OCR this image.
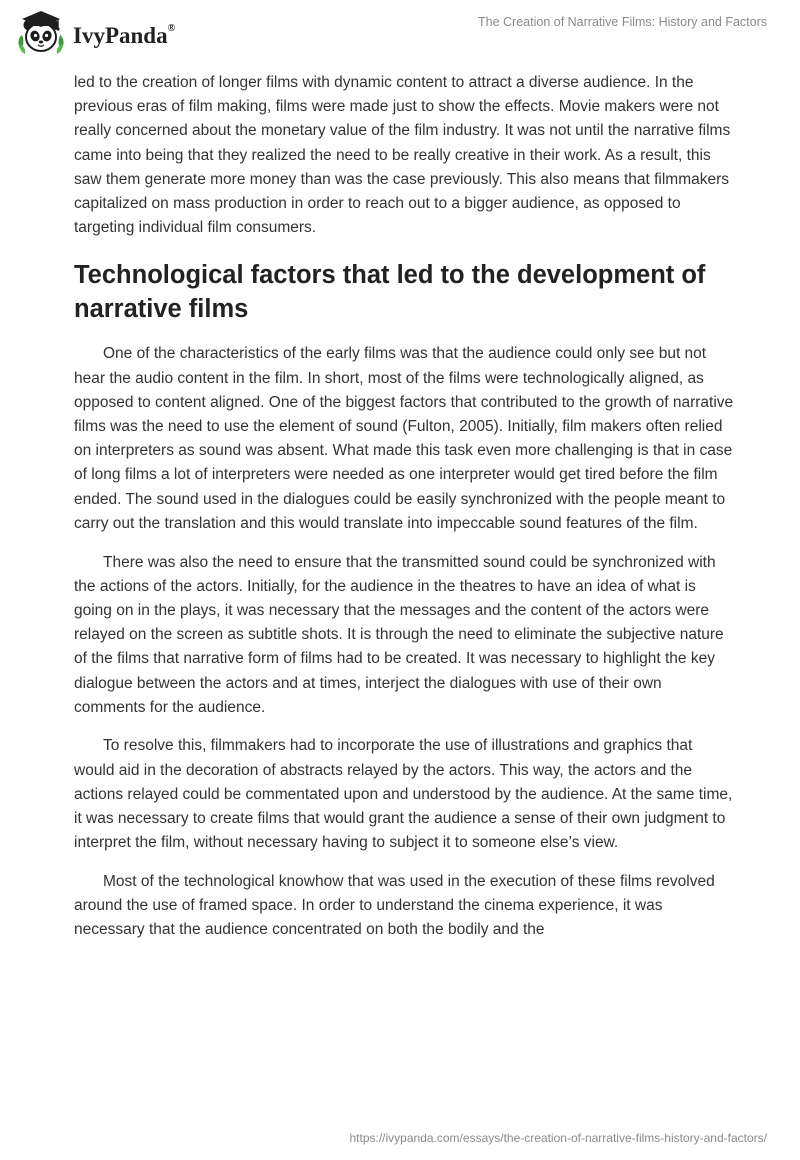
IvyPanda®	The Creation of Narrative Films: History and Factors

led to the creation of longer films with dynamic content to attract a diverse audience. In the previous eras of film making, films were made just to show the effects. Movie makers were not really concerned about the monetary value of the film industry. It was not until the narrative films came into being that they realized the need to be really creative in their work. As a result, this saw them generate more money than was the case previously. This also means that filmmakers capitalized on mass production in order to reach out to a bigger audience, as opposed to targeting individual film consumers.

Technological factors that led to the development of narrative films

One of the characteristics of the early films was that the audience could only see but not hear the audio content in the film. In short, most of the films were technologically aligned, as opposed to content aligned. One of the biggest factors that contributed to the growth of narrative films was the need to use the element of sound (Fulton, 2005). Initially, film makers often relied on interpreters as sound was absent. What made this task even more challenging is that in case of long films a lot of interpreters were needed as one interpreter would get tired before the film ended. The sound used in the dialogues could be easily synchronized with the people meant to carry out the translation and this would translate into impeccable sound features of the film.

There was also the need to ensure that the transmitted sound could be synchronized with the actions of the actors. Initially, for the audience in the theatres to have an idea of what is going on in the plays, it was necessary that the messages and the content of the actors were relayed on the screen as subtitle shots. It is through the need to eliminate the subjective nature of the films that narrative form of films had to be created. It was necessary to highlight the key dialogue between the actors and at times, interject the dialogues with use of their own comments for the audience.

To resolve this, filmmakers had to incorporate the use of illustrations and graphics that would aid in the decoration of abstracts relayed by the actors. This way, the actors and the actions relayed could be commentated upon and understood by the audience. At the same time, it was necessary to create films that would grant the audience a sense of their own judgment to interpret the film, without necessary having to subject it to someone else’s view.

Most of the technological knowhow that was used in the execution of these films revolved around the use of framed space. In order to understand the cinema experience, it was necessary that the audience concentrated on both the bodily and the

https://ivypanda.com/essays/the-creation-of-narrative-films-history-and-factors/
